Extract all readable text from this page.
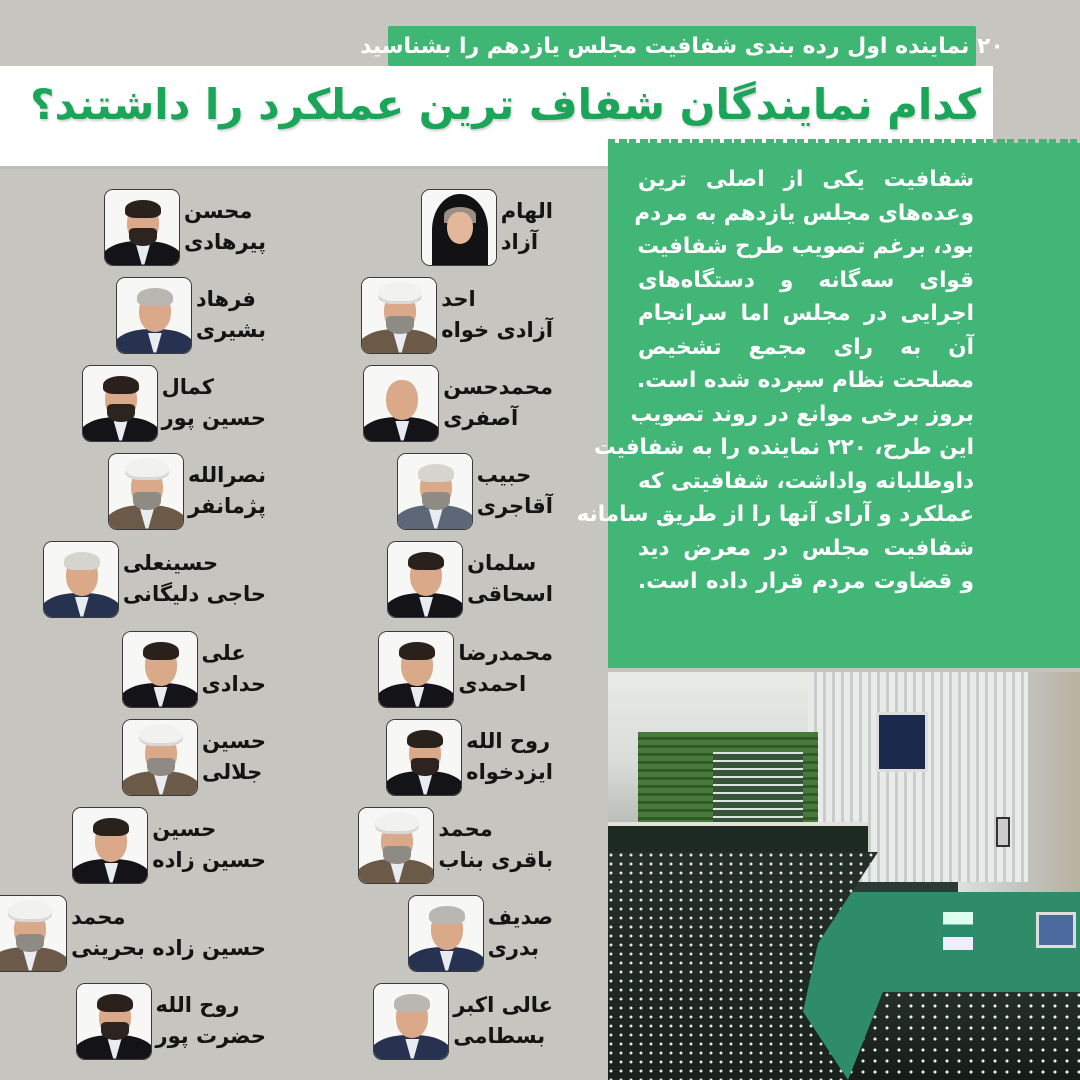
۲۰ نماینده اول رده بندی شفافیت مجلس یازدهم را بشناسید
کدام نمایندگان شفاف ترین عملکرد را داشتند؟

شفافیت یکی از اصلی ترین

وعده‌های مجلس یازدهم به مردم

بود، برغم تصویب طرح شفافیت

قوای سه‌گانه و دستگاه‌های

اجرایی در مجلس اما سرانجام

آن به رای مجمع تشخیص

مصلحت نظام سپرده شده است.

بروز برخی موانع در روند تصویب

این طرح، ۲۲۰ نماینده را به شفافیت

داوطلبانه واداشت، شفافیتی که

عملکرد و آرای آنها را از طریق سامانه

شفافیت مجلس در معرض دید

و قضاوت مردم قرار داده است.

الهام
آزاد
احد
آزادی خواه
محمدحسن
آصفری
حبیب
آقاجری
سلمان
اسحاقی
محمدرضا
احمدی
روح الله
ایزدخواه
محمد
باقری بناب
صدیف
بدری
عالی اکبر
بسطامی
محسن
پیرهادی
فرهاد
بشیری
کمال
حسین پور
نصرالله
پژمانفر
حسینعلی
حاجی دلیگانی
علی
حدادی
حسین
جلالی
حسین
حسین زاده
محمد
حسین زاده بحرینی
روح الله
حضرت پور
